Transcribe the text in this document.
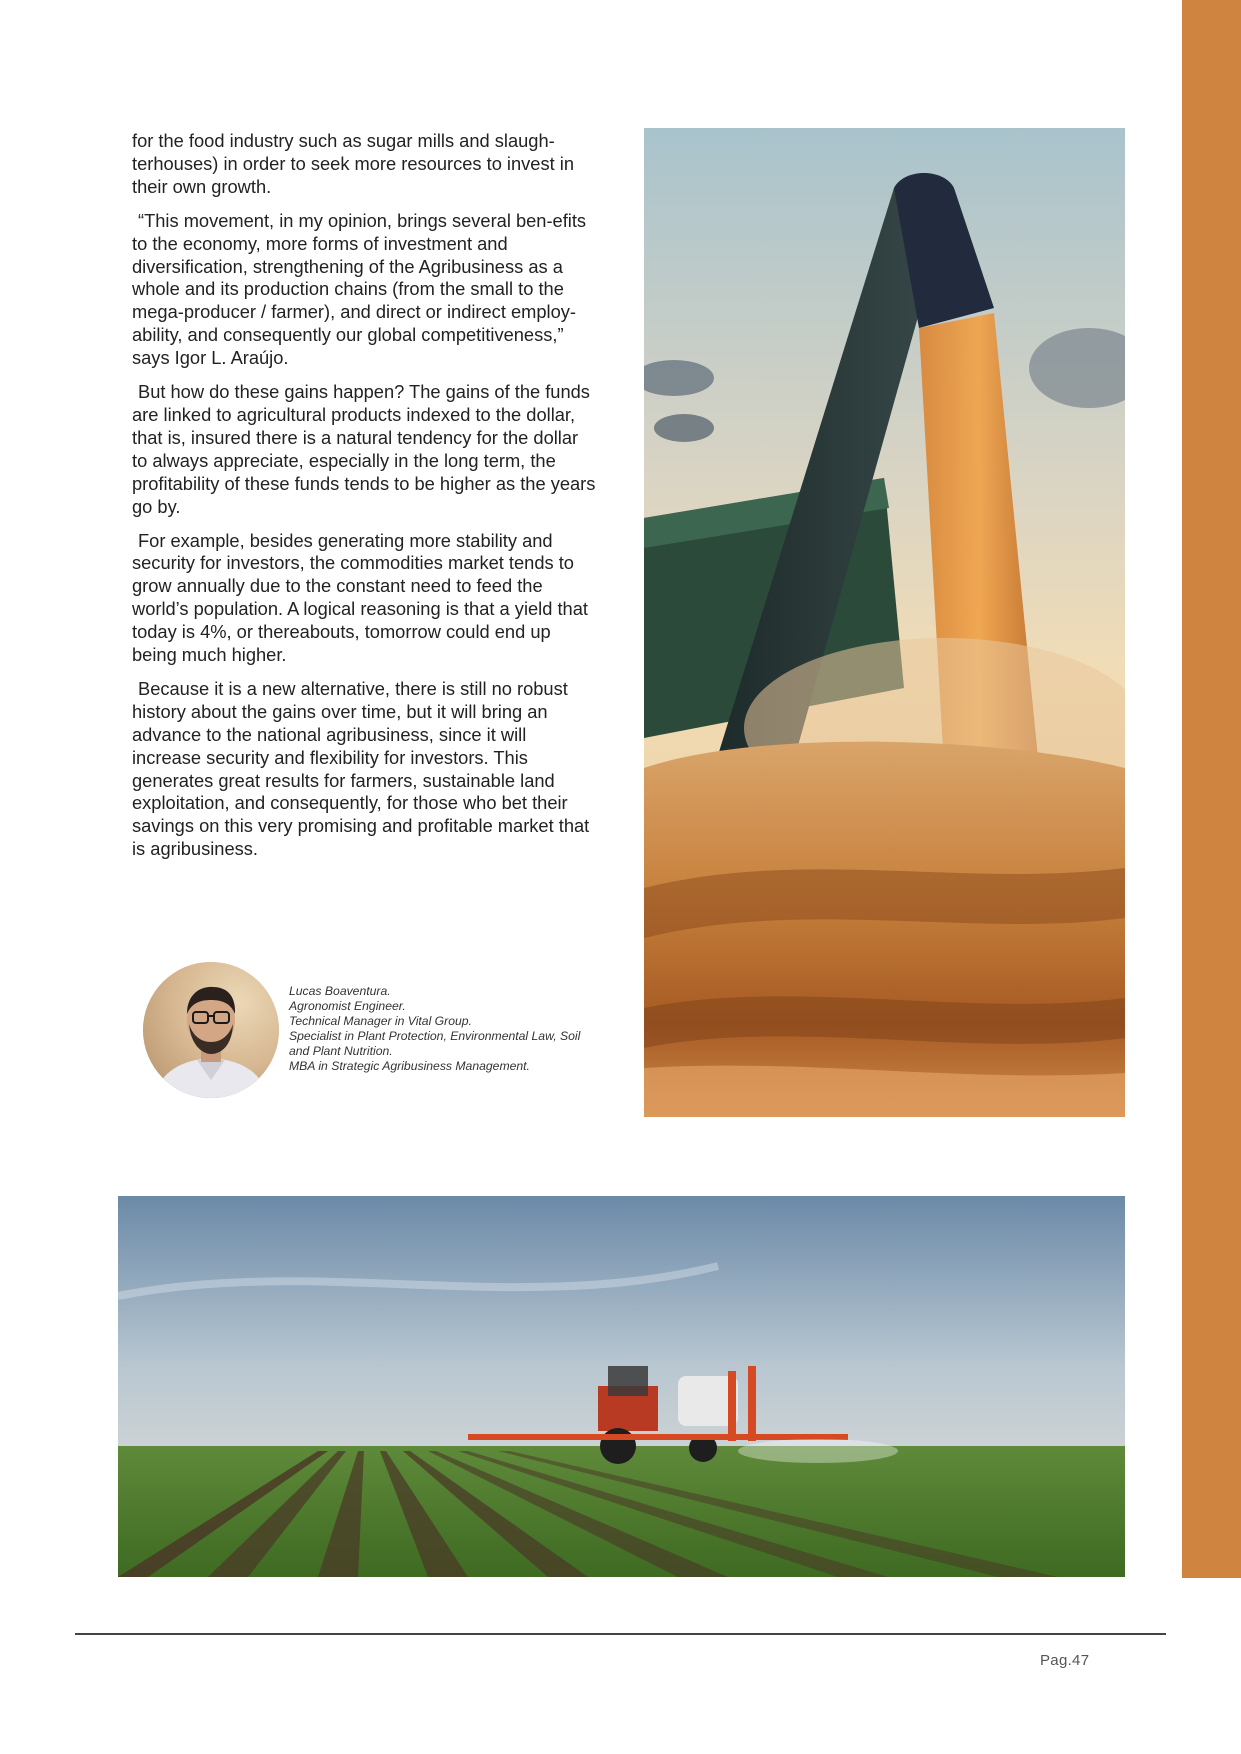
for the food industry such as sugar mills and slaugh-terhouses) in order to seek more resources to invest in their own growth.

“This movement, in my opinion, brings several ben-efits to the economy, more forms of investment and diversification, strengthening of the Agribusiness as a whole and its production chains (from the small to the mega-producer / farmer), and direct or indirect employ-ability, and consequently our global competitiveness,” says Igor L. Araújo.

But how do these gains happen? The gains of the funds are linked to agricultural products indexed to the dollar, that is, insured there is a natural tendency for the dollar to always appreciate, especially in the long term, the profitability of these funds tends to be higher as the years go by.

For example, besides generating more stability and security for investors, the commodities market tends to grow annually due to the constant need to feed the world’s population. A logical reasoning is that a yield that today is 4%, or thereabouts, tomorrow could end up being much higher.

Because it is a new alternative, there is still no robust history about the gains over time, but it will bring an advance to the national agribusiness, since it will increase security and flexibility for investors. This generates great results for farmers, sustainable land exploitation, and consequently, for those who bet their savings on this very promising and profitable market that is agribusiness.

Lucas Boaventura.
Agronomist Engineer.
Technical Manager in Vital Group.
Specialist in Plant Protection, Environmental Law, Soil and Plant Nutrition.
MBA in Strategic Agribusiness Management.
Pag.47
